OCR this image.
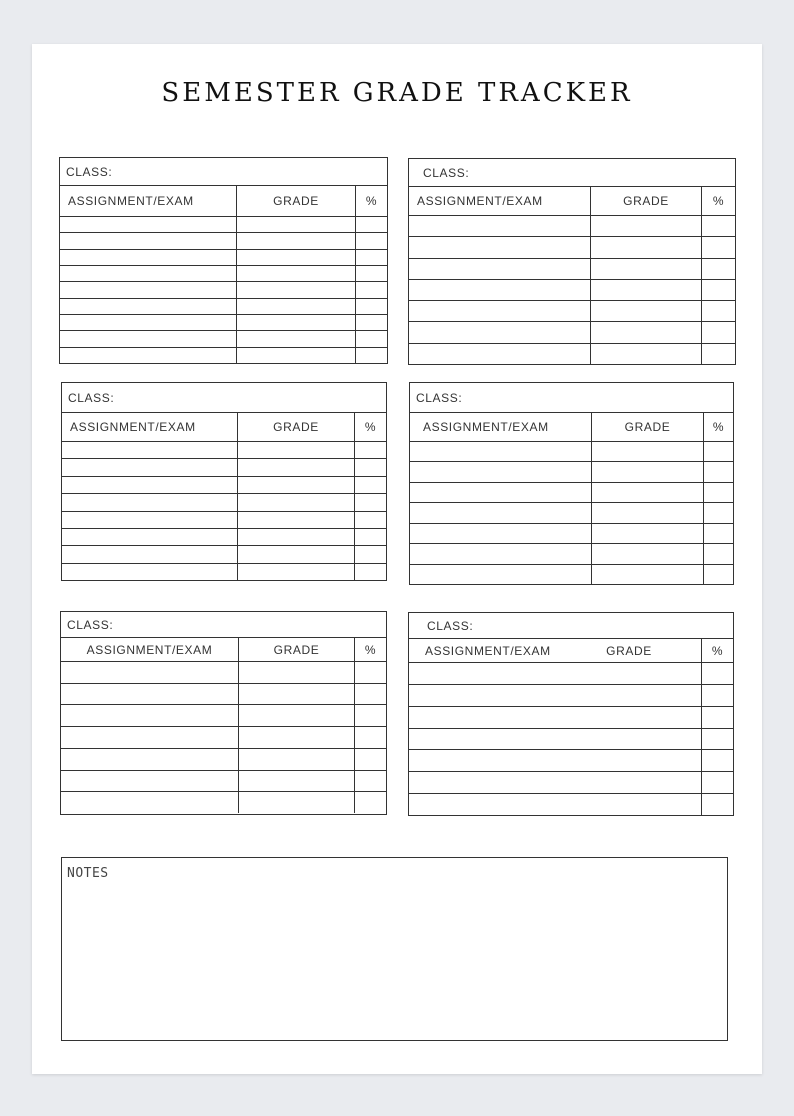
SEMESTER GRADE TRACKER
CLASS:
ASSIGNMENT/EXAM	GRADE	%
CLASS:
ASSIGNMENT/EXAM	GRADE	%
CLASS:
ASSIGNMENT/EXAM	GRADE	%
CLASS:
ASSIGNMENT/EXAM	GRADE	%
CLASS:
ASSIGNMENT/EXAM	GRADE	%
CLASS:
ASSIGNMENT/EXAM	GRADE	%
NOTES
